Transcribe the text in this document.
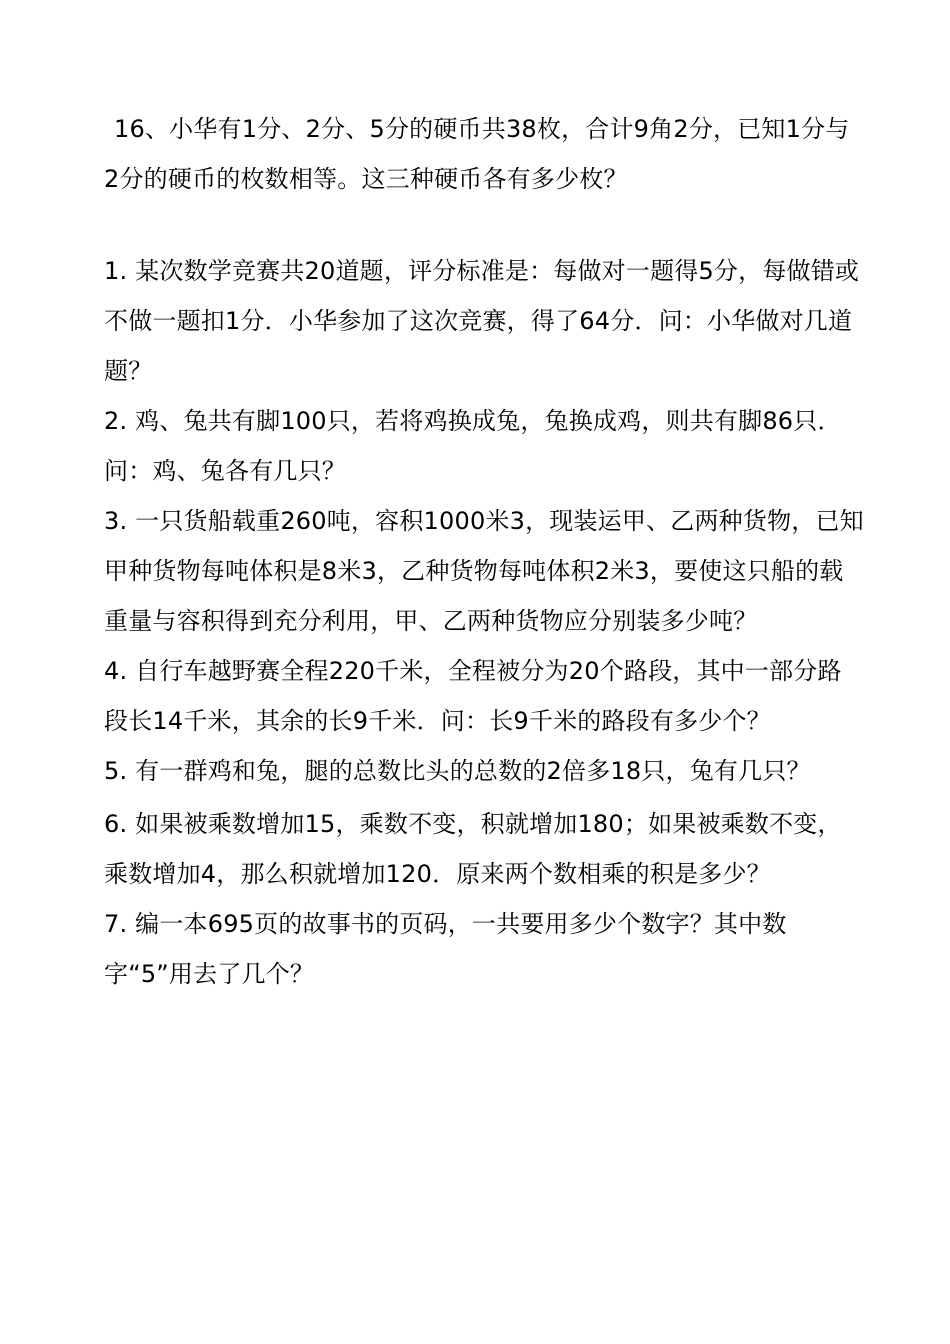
16、小华有1分、2分、5分的硬币共38枚，合计9角2分，已知1分与2分的硬币的枚数相等。这三种硬币各有多少枚？

1. 某次数学竞赛共20道题，评分标准是：每做对一题得5分，每做错或不做一题扣1分．小华参加了这次竞赛，得了64分．问：小华做对几道题？

2. 鸡、兔共有脚100只，若将鸡换成兔，兔换成鸡，则共有脚86只．问：鸡、兔各有几只？

3. 一只货船载重260吨，容积1000米3，现装运甲、乙两种货物，已知甲种货物每吨体积是8米3，乙种货物每吨体积2米3，要使这只船的载重量与容积得到充分利用，甲、乙两种货物应分别装多少吨？

4. 自行车越野赛全程220千米，全程被分为20个路段，其中一部分路段长14千米，其余的长9千米．问：长9千米的路段有多少个？

5. 有一群鸡和兔，腿的总数比头的总数的2倍多18只，兔有几只？

6. 如果被乘数增加15，乘数不变，积就增加180；如果被乘数不变，乘数增加4，那么积就增加120．原来两个数相乘的积是多少？

7. 编一本695页的故事书的页码，一共要用多少个数字？其中数字“5”用去了几个？
